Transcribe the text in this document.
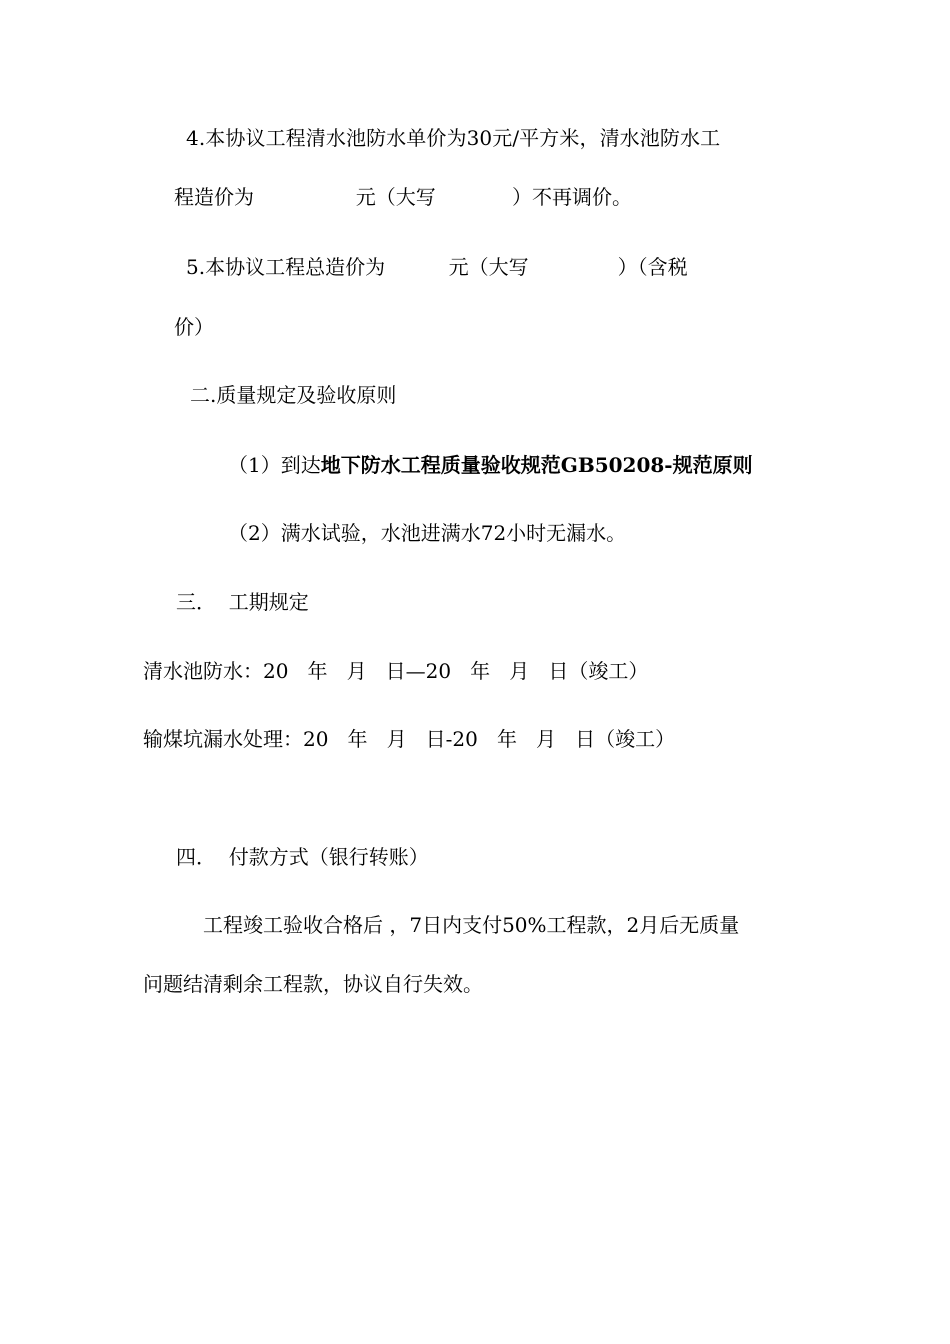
4.本协议工程清水池防水单价为30元/平方米，清水池防水工

程造价为                元（大写            ）不再调价。

5.本协议工程总造价为          元（大写              ）（含税

价）

二.质量规定及验收原则

（1）到达地下防水工程质量验收规范GB50208-规范原则

（2）满水试验，水池进满水72小时无漏水。

三．  工期规定

清水池防水：20   年   月   日—20   年   月   日（竣工）

输煤坑漏水处理：20   年   月   日-20   年   月   日（竣工）

四．  付款方式（银行转账）

工程竣工验收合格后 ，7日内支付50%工程款，2月后无质量

问题结清剩余工程款，协议自行失效。
